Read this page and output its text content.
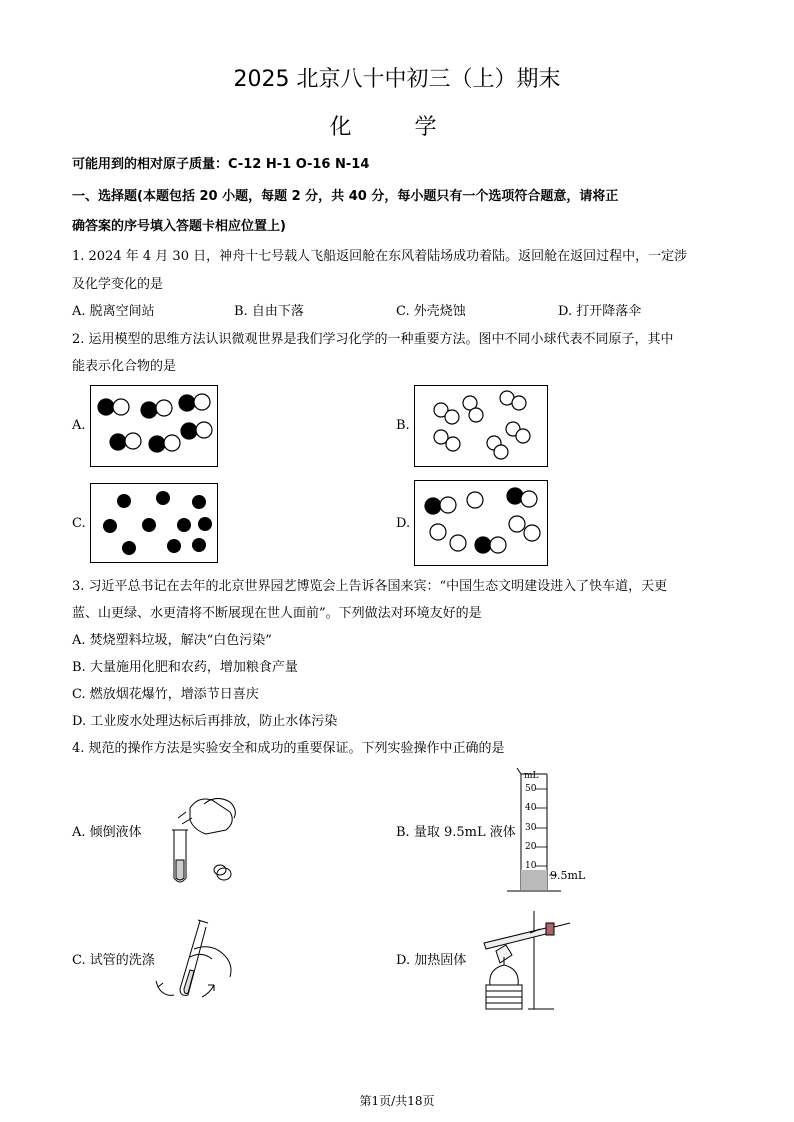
2025 北京八十中初三（上）期末
化 学
可能用到的相对原子质量：C-12 H-1 O-16 N-14
一、选择题(本题包括 20 小题，每题 2 分，共 40 分，每小题只有一个选项符合题意，请将正
确答案的序号填入答题卡相应位置上)
1. 2024 年 4 月 30 日，神舟十七号载人飞船返回舱在东风着陆场成功着陆。返回舱在返回过程中，一定涉
及化学变化的是
A. 脱离空间站	B. 自由下落	C. 外壳烧蚀	D. 打开降落伞
2. 运用模型的思维方法认识微观世界是我们学习化学的一种重要方法。图中不同小球代表不同原子，其中
能表示化合物的是
A.	B.
C.	D.
3. 习近平总书记在去年的北京世界园艺博览会上告诉各国来宾：“中国生态文明建设进入了快车道，天更
蓝、山更绿、水更清将不断展现在世人面前”。下列做法对环境友好的是
A. 焚烧塑料垃圾，解决“白色污染”
B. 大量施用化肥和农药，增加粮食产量
C. 燃放烟花爆竹，增添节日喜庆
D. 工业废水处理达标后再排放，防止水体污染
4. 规范的操作方法是实验安全和成功的重要保证。下列实验操作中正确的是
A. 倾倒液体	B. 量取 9.5mL 液体
mL
50
40
30
20
10
9.5mL
C. 试管的洗涤	D. 加热固体
第1页/共18页
